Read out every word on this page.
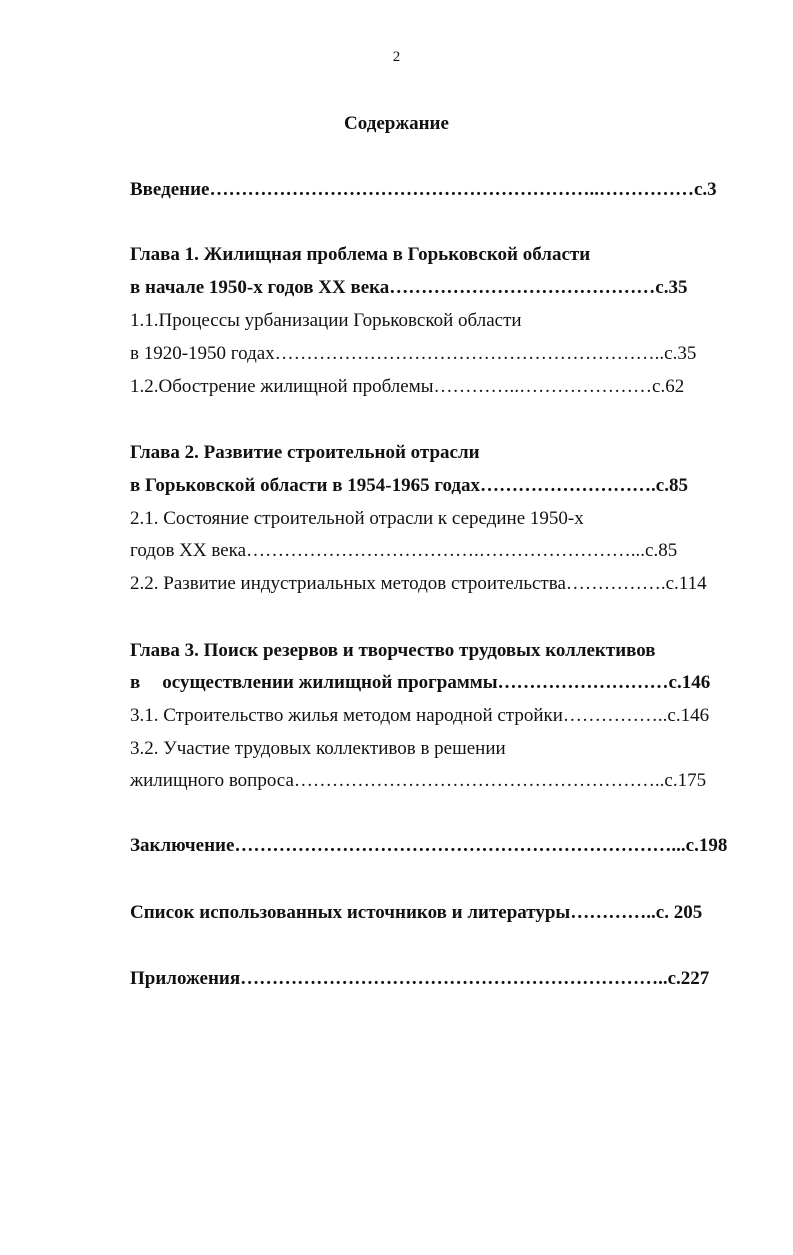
2
Содержание
Введение……………………………………………………..……………с.3
Глава 1. Жилищная проблема в Горьковской области
в начале 1950-х годов XX века……………………………………с.35
1.1.Процессы урбанизации Горьковской области
в 1920-1950 годах……………………………………………………..с.35
1.2.Обострение жилищной проблемы…………..…………………с.62
Глава 2. Развитие строительной отрасли
в Горьковской области в 1954-1965 годах……………………….с.85
2.1. Состояние строительной отрасли к середине 1950-х
годов XX века……………………………….……………………...с.85
2.2. Развитие индустриальных методов строительства…………….с.114
Глава 3. Поиск резервов и творчество трудовых коллективов
в осуществлении жилищной программы………………………с.146
3.1. Строительство жилья методом народной стройки……………..с.146
3.2. Участие трудовых коллективов в решении
жилищного вопроса…………………………………………………..с.175
Заключение……………………………………………………………...с.198
Список использованных источников и литературы…………..с. 205
Приложения…………………………………………………………..с.227
